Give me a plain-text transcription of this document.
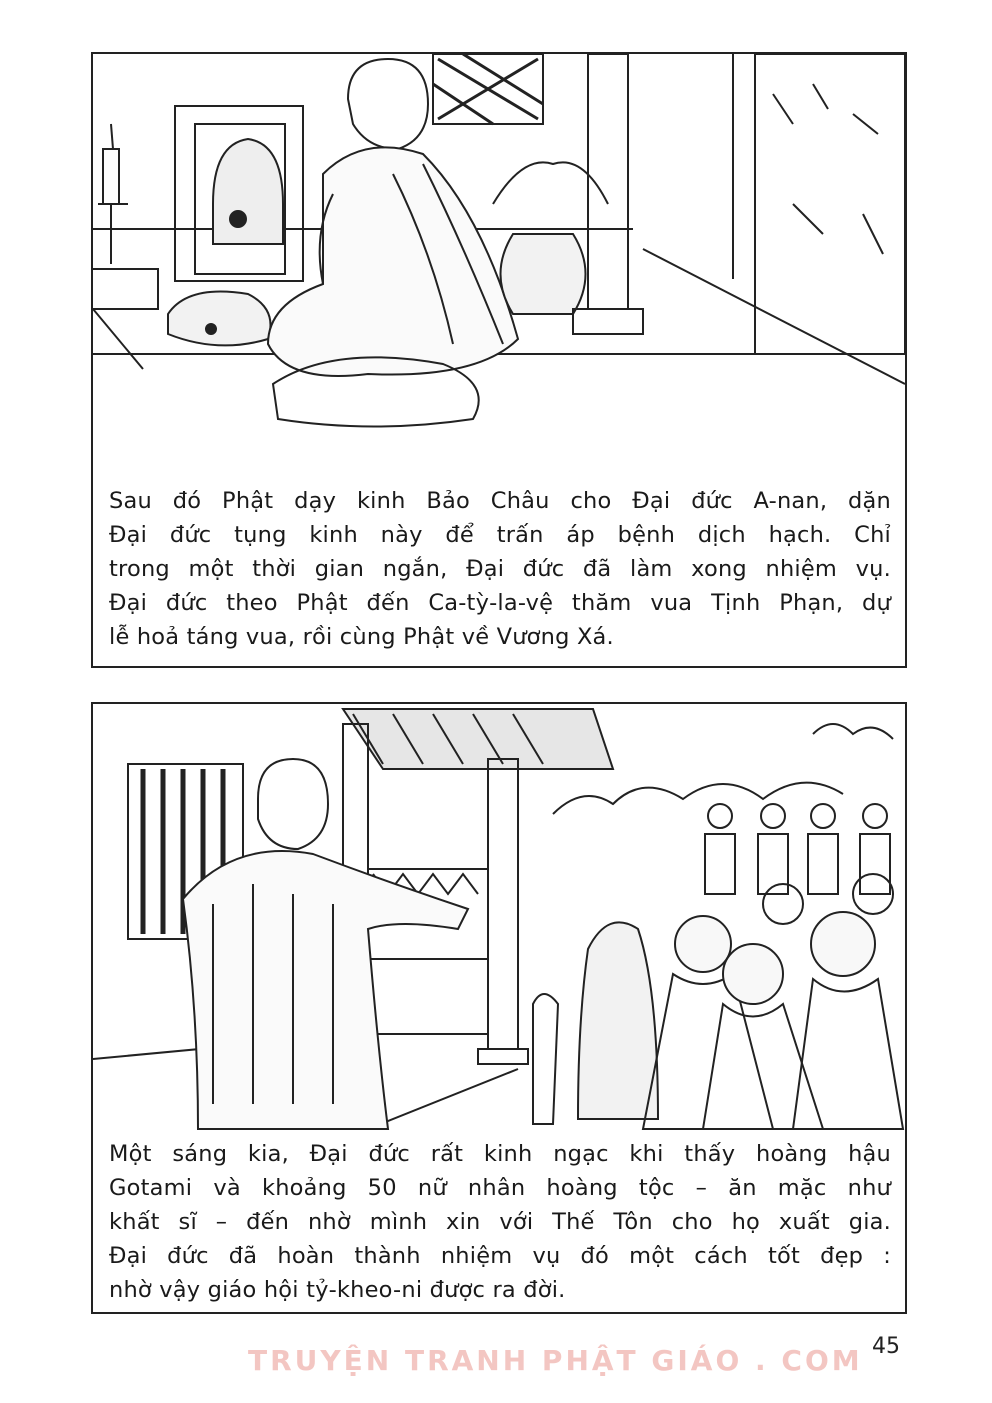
Sau đó Phật dạy kinh Bảo Châu cho Đại đức A-nan, dặn
Đại đức tụng kinh này để trấn áp bệnh dịch hạch. Chỉ
trong một thời gian ngắn, Đại đức đã làm xong nhiệm vụ.
Đại đức theo Phật đến Ca-tỳ-la-vệ thăm vua Tịnh Phạn, dự
lễ hoả táng vua, rồi cùng Phật về Vương Xá.
Một sáng kia, Đại đức rất kinh ngạc khi thấy hoàng hậu
Gotami và khoảng 50 nữ nhân hoàng tộc – ăn mặc như
khất sĩ – đến nhờ mình xin với Thế Tôn cho họ xuất gia.
Đại đức đã hoàn thành nhiệm vụ đó một cách tốt đẹp :
nhờ vậy giáo hội tỷ-kheo-ni được ra đời.
TRUYỆN TRANH PHẬT GIÁO . COM 45
